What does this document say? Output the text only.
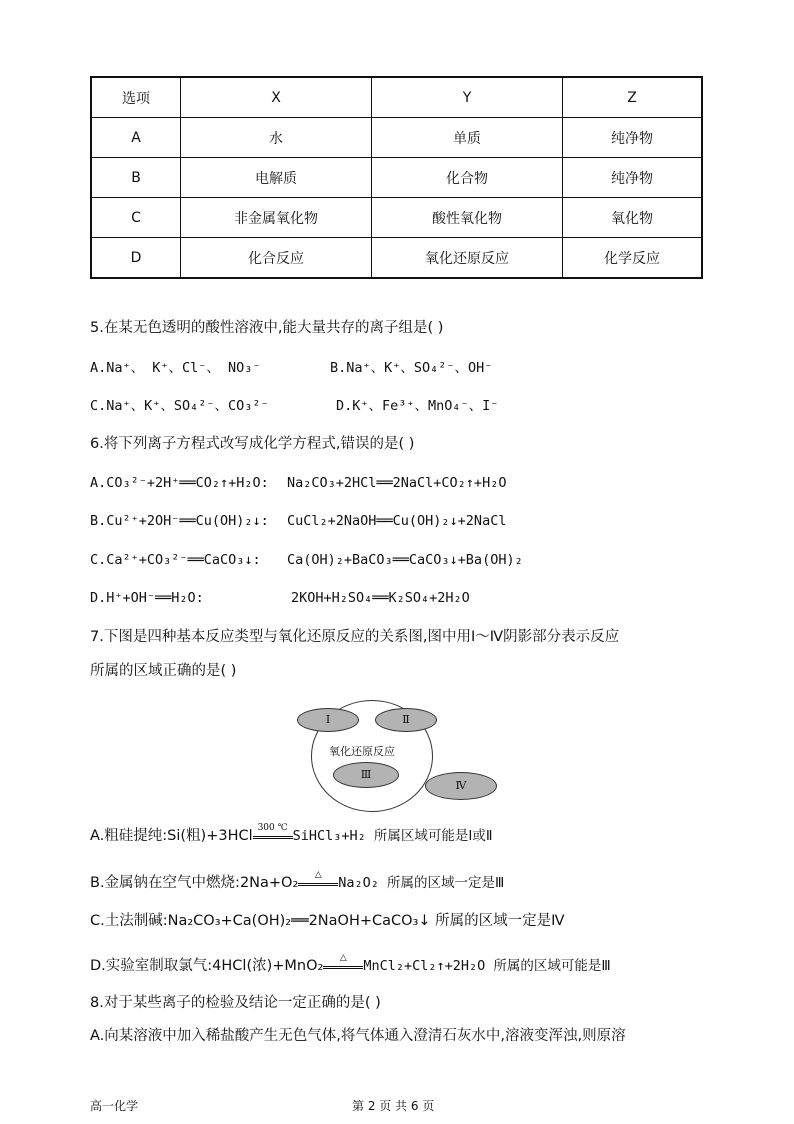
选项	X	Y	Z
A	水	单质	纯净物
B	电解质	化合物	纯净物
C	非金属氧化物	酸性氧化物	氧化物
D	化合反应	氧化还原反应	化学反应
5.在某无色透明的酸性溶液中,能大量共存的离子组是( )
A.Na⁺、 K⁺、Cl⁻、 NO₃⁻	B.Na⁺、K⁺、SO₄²⁻、OH⁻
C.Na⁺、K⁺、SO₄²⁻、CO₃²⁻	D.K⁺、Fe³⁺、MnO₄⁻、I⁻
6.将下列离子方程式改写成化学方程式,错误的是( )
A.CO₃²⁻+2H⁺══CO₂↑+H₂O: Na₂CO₃+2HCl══2NaCl+CO₂↑+H₂O
B.Cu²⁺+2OH⁻══Cu(OH)₂↓: CuCl₂+2NaOH══Cu(OH)₂↓+2NaCl
C.Ca²⁺+CO₃²⁻══CaCO₃↓: Ca(OH)₂+BaCO₃══CaCO₃↓+Ba(OH)₂
D.H⁺+OH⁻══H₂O:	2KOH+H₂SO₄══K₂SO₄+2H₂O
7.下图是四种基本反应类型与氧化还原反应的关系图,图中用Ⅰ～Ⅳ阴影部分表示反应
所属的区域正确的是( )
氧化还原反应
Ⅰ	Ⅱ
Ⅲ
Ⅳ
A.粗硅提纯:Si(粗)+3HCl 300 ℃ SiHCl₃+H₂ 所属区域可能是Ⅰ或Ⅱ
B.金属钠在空气中燃烧:2Na+O₂	△	Na₂O₂ 所属的区域一定是Ⅲ
C.土法制碱:Na₂CO₃+Ca(OH)₂══2NaOH+CaCO₃↓ 所属的区域一定是Ⅳ
D.实验室制取氯气:4HCl(浓)+MnO₂	△	MnCl₂+Cl₂↑+2H₂O 所属的区域可能是Ⅲ
8.对于某些离子的检验及结论一定正确的是( )
A.向某溶液中加入稀盐酸产生无色气体,将气体通入澄清石灰水中,溶液变浑浊,则原溶
高一化学	第 2 页 共 6 页
